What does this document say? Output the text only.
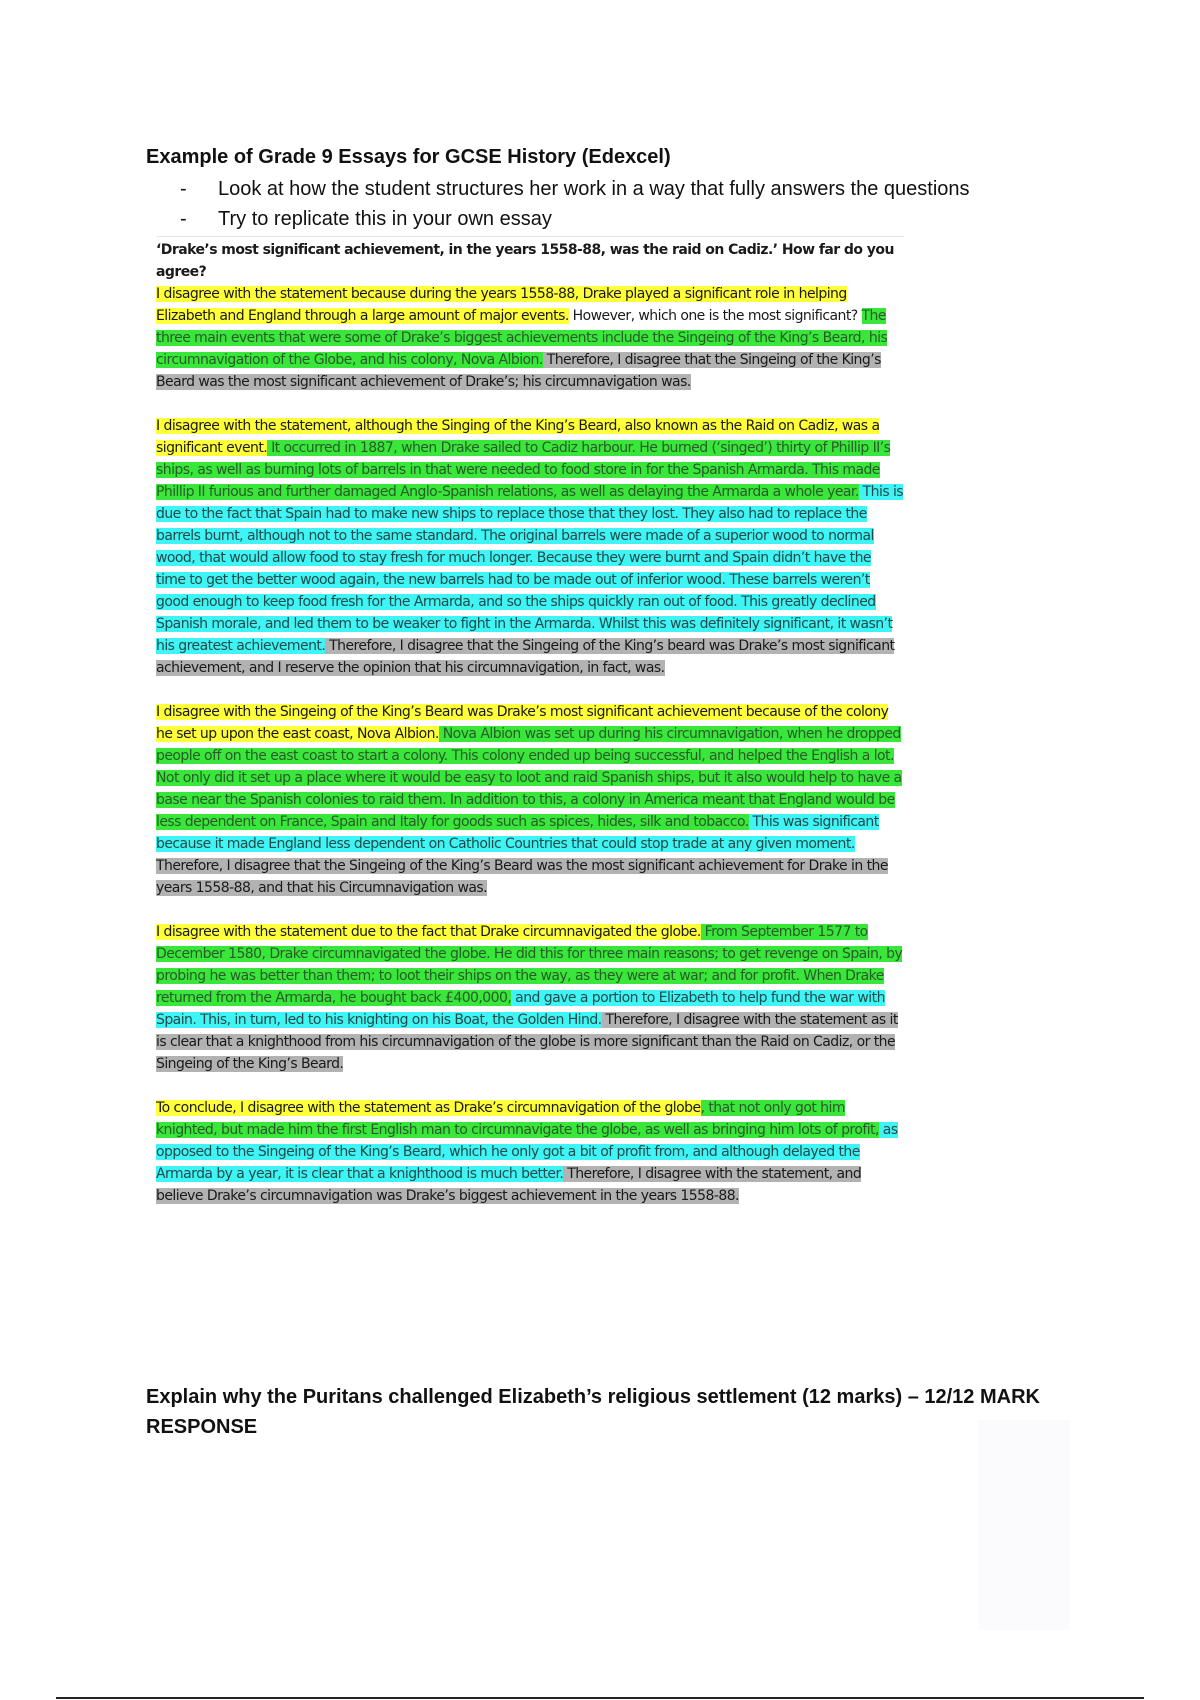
Example of Grade 9 Essays for GCSE History (Edexcel)
- Look at how the student structures her work in a way that fully answers the questions
- Try to replicate this in your own essay
‘Drake’s most significant achievement, in the years 1558-88, was the raid on Cadiz.’ How far do you agree?

I disagree with the statement because during the years 1558-88, Drake played a significant role in helping Elizabeth and England through a large amount of major events. However, which one is the most significant? The three main events that were some of Drake’s biggest achievements include the Singeing of the King’s Beard, his circumnavigation of the Globe, and his colony, Nova Albion. Therefore, I disagree that the Singeing of the King’s Beard was the most significant achievement of Drake’s; his circumnavigation was.

I disagree with the statement, although the Singing of the King’s Beard, also known as the Raid on Cadiz, was a significant event. It occurred in 1887, when Drake sailed to Cadiz harbour. He burned (‘singed’) thirty of Phillip II’s ships, as well as burning lots of barrels in that were needed to food store in for the Spanish Armarda. This made Phillip II furious and further damaged Anglo-Spanish relations, as well as delaying the Armarda a whole year. This is due to the fact that Spain had to make new ships to replace those that they lost. They also had to replace the barrels burnt, although not to the same standard. The original barrels were made of a superior wood to normal wood, that would allow food to stay fresh for much longer. Because they were burnt and Spain didn’t have the time to get the better wood again, the new barrels had to be made out of inferior wood. These barrels weren’t good enough to keep food fresh for the Armarda, and so the ships quickly ran out of food. This greatly declined Spanish morale, and led them to be weaker to fight in the Armarda. Whilst this was definitely significant, it wasn’t his greatest achievement. Therefore, I disagree that the Singeing of the King’s beard was Drake’s most significant achievement, and I reserve the opinion that his circumnavigation, in fact, was.

I disagree with the Singeing of the King’s Beard was Drake’s most significant achievement because of the colony he set up upon the east coast, Nova Albion. Nova Albion was set up during his circumnavigation, when he dropped people off on the east coast to start a colony. This colony ended up being successful, and helped the English a lot. Not only did it set up a place where it would be easy to loot and raid Spanish ships, but it also would help to have a base near the Spanish colonies to raid them. In addition to this, a colony in America meant that England would be less dependent on France, Spain and Italy for goods such as spices, hides, silk and tobacco. This was significant because it made England less dependent on Catholic Countries that could stop trade at any given moment. Therefore, I disagree that the Singeing of the King’s Beard was the most significant achievement for Drake in the years 1558-88, and that his Circumnavigation was.

I disagree with the statement due to the fact that Drake circumnavigated the globe. From September 1577 to December 1580, Drake circumnavigated the globe. He did this for three main reasons; to get revenge on Spain, by probing he was better than them; to loot their ships on the way, as they were at war; and for profit. When Drake returned from the Armarda, he bought back £400,000, and gave a portion to Elizabeth to help fund the war with Spain. This, in turn, led to his knighting on his Boat, the Golden Hind. Therefore, I disagree with the statement as it is clear that a knighthood from his circumnavigation of the globe is more significant than the Raid on Cadiz, or the Singeing of the King’s Beard.

To conclude, I disagree with the statement as Drake’s circumnavigation of the globe, that not only got him knighted, but made him the first English man to circumnavigate the globe, as well as bringing him lots of profit, as opposed to the Singeing of the King’s Beard, which he only got a bit of profit from, and although delayed the Armarda by a year, it is clear that a knighthood is much better. Therefore, I disagree with the statement, and believe Drake’s circumnavigation was Drake’s biggest achievement in the years 1558-88.

Explain why the Puritans challenged Elizabeth’s religious settlement (12 marks) – 12/12 MARK RESPONSE
